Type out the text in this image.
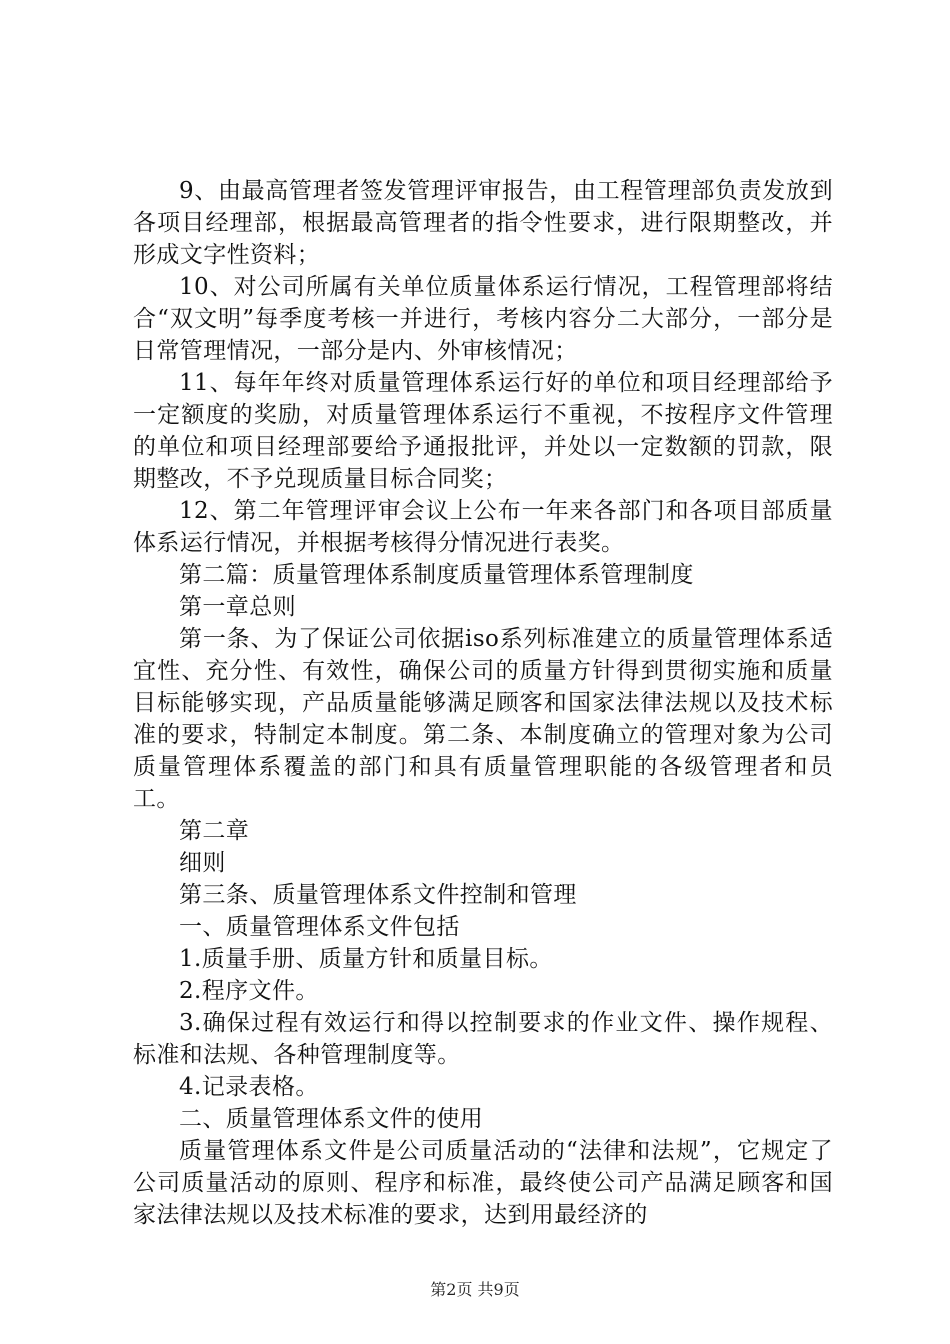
9、由最高管理者签发管理评审报告，由工程管理部负责发放到各项目经理部，根据最高管理者的指令性要求，进行限期整改，并形成文字性资料；

10、对公司所属有关单位质量体系运行情况，工程管理部将结合“双文明”每季度考核一并进行，考核内容分二大部分，一部分是日常管理情况，一部分是内、外审核情况；

11、每年年终对质量管理体系运行好的单位和项目经理部给予一定额度的奖励，对质量管理体系运行不重视，不按程序文件管理的单位和项目经理部要给予通报批评，并处以一定数额的罚款，限期整改，不予兑现质量目标合同奖；

12、第二年管理评审会议上公布一年来各部门和各项目部质量体系运行情况，并根据考核得分情况进行表奖。

第二篇：质量管理体系制度质量管理体系管理制度

第一章总则

第一条、为了保证公司依据iso系列标准建立的质量管理体系适宜性、充分性、有效性，确保公司的质量方针得到贯彻实施和质量目标能够实现，产品质量能够满足顾客和国家法律法规以及技术标准的要求，特制定本制度。第二条、本制度确立的管理对象为公司质量管理体系覆盖的部门和具有质量管理职能的各级管理者和员工。

第二章

细则

第三条、质量管理体系文件控制和管理

一、质量管理体系文件包括

1.质量手册、质量方针和质量目标。

2.程序文件。

3.确保过程有效运行和得以控制要求的作业文件、操作规程、标准和法规、各种管理制度等。

4.记录表格。

二、质量管理体系文件的使用

质量管理体系文件是公司质量活动的“法律和法规”，它规定了公司质量活动的原则、程序和标准，最终使公司产品满足顾客和国家法律法规以及技术标准的要求，达到用最经济的

第2页 共9页
